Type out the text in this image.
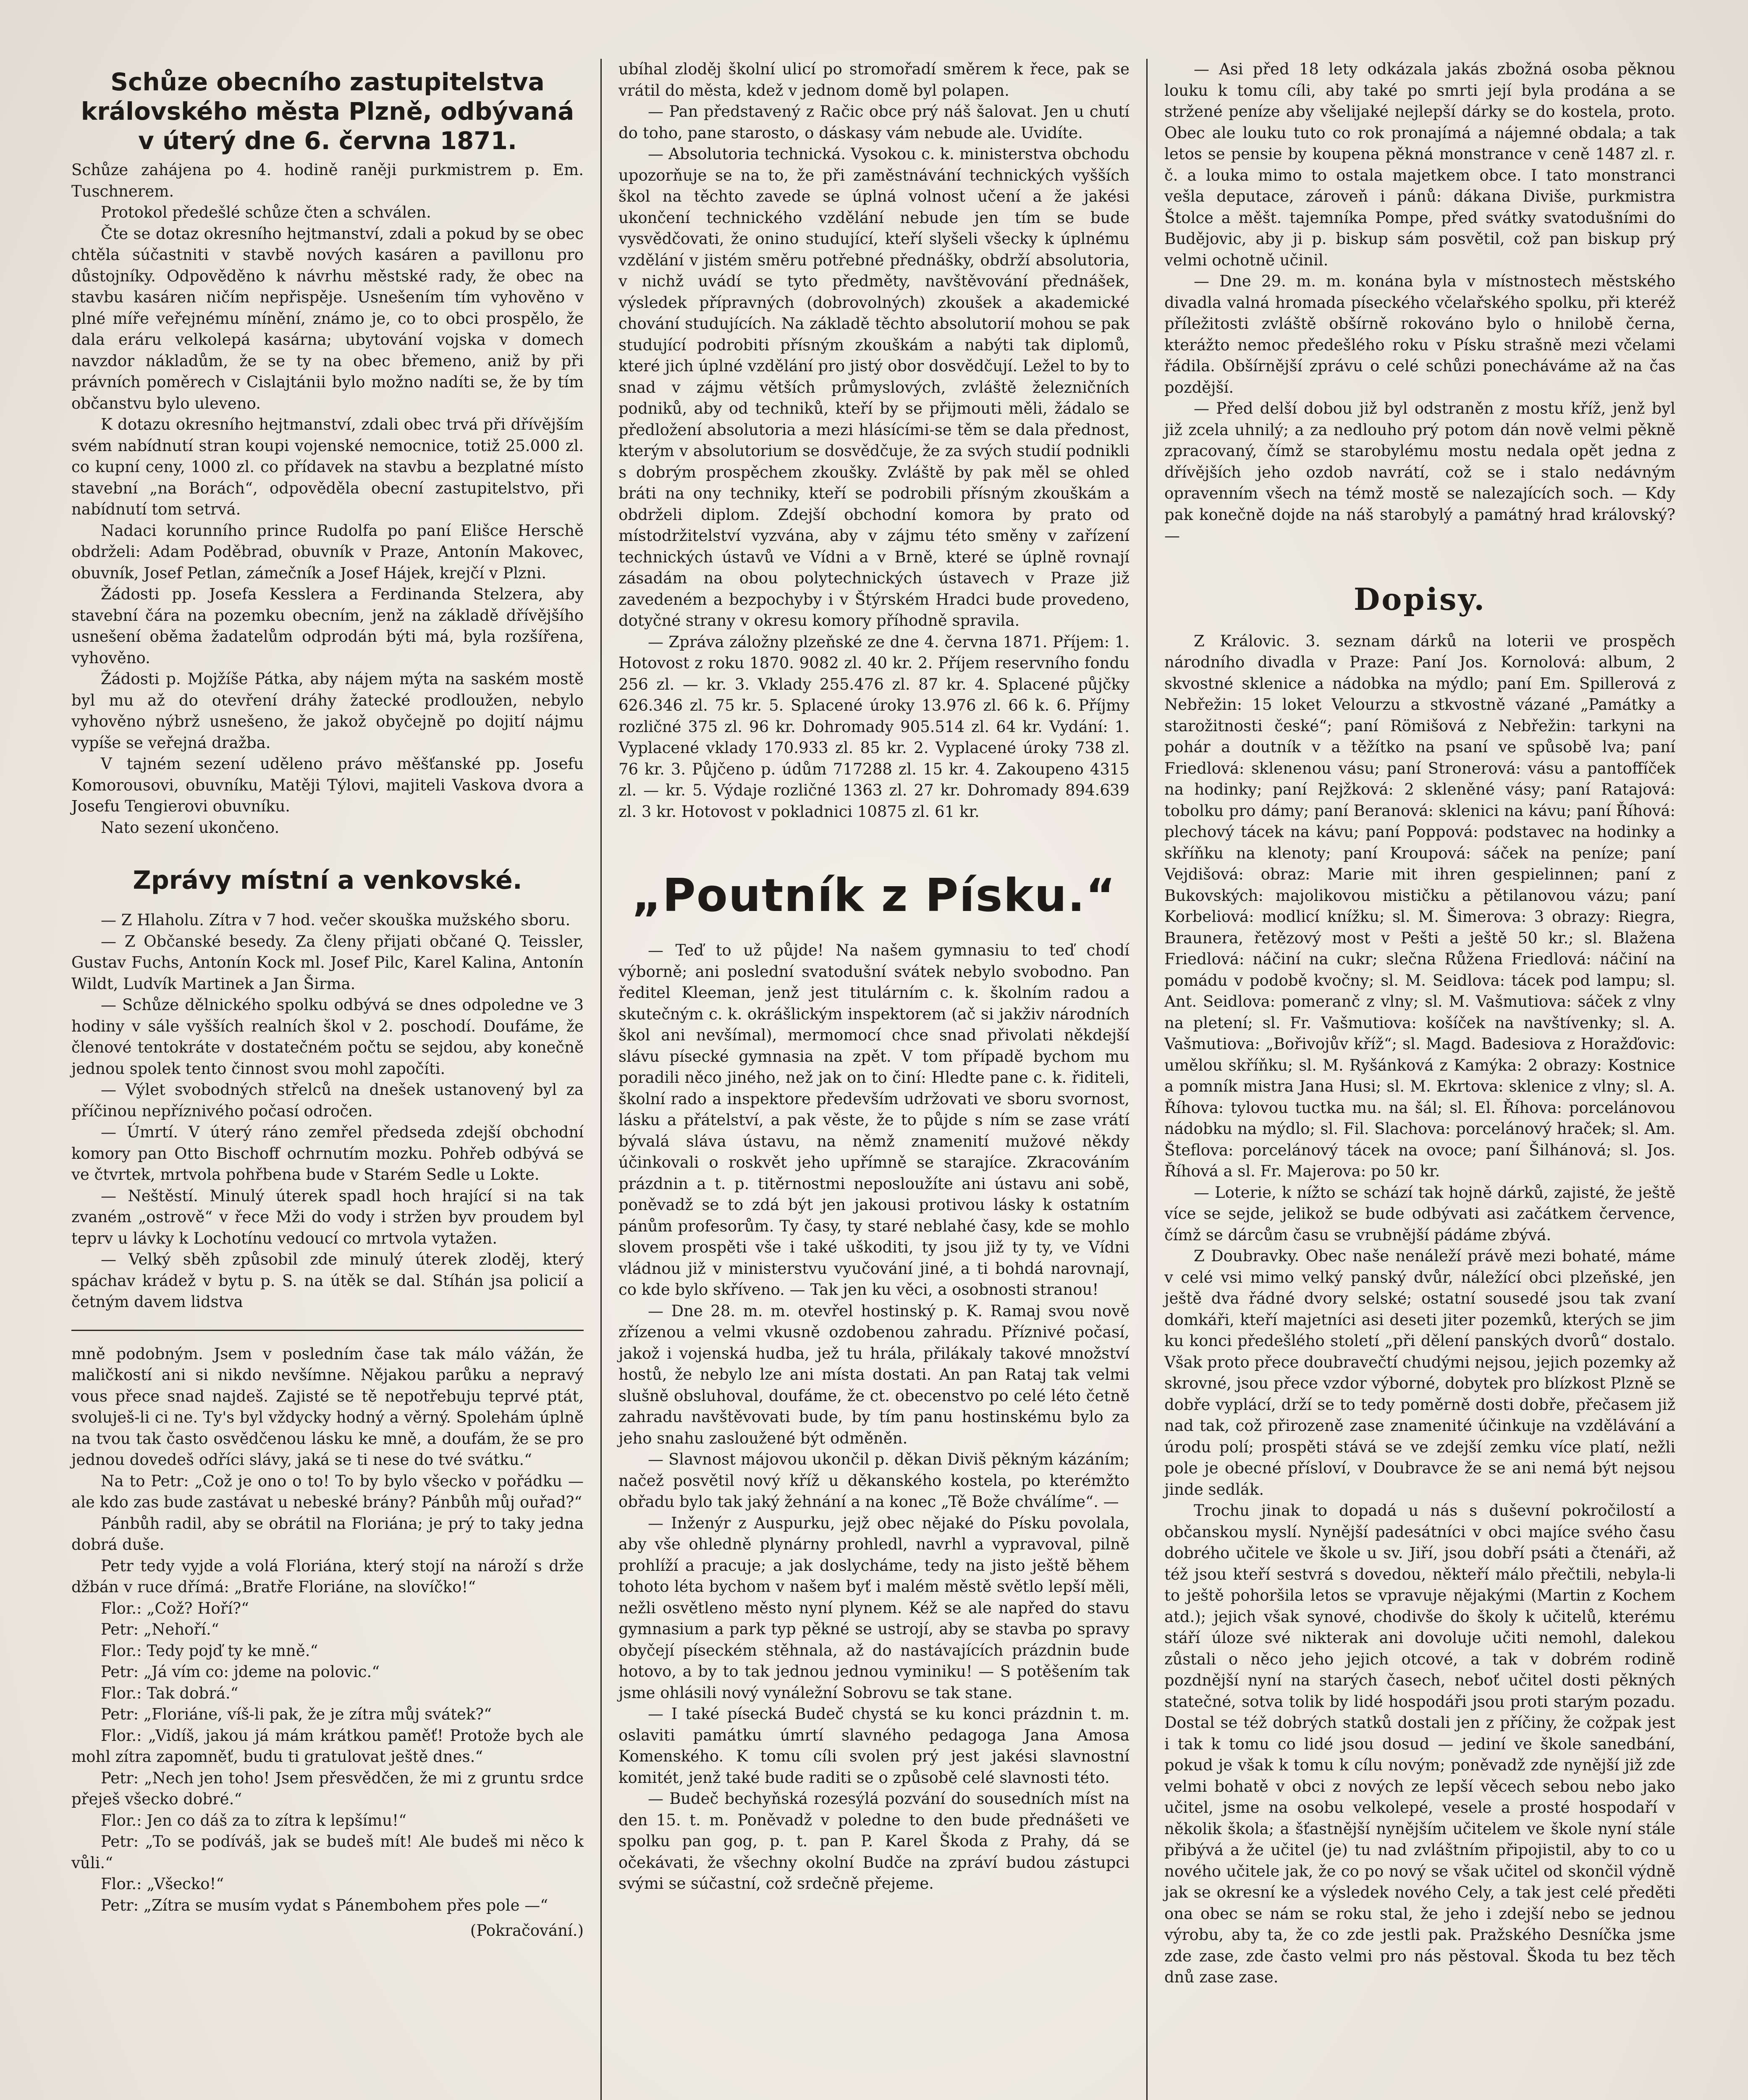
Schůze obecního zastupitelstva královského města Plzně, odbývaná v úterý dne 6. června 1871.

Schůze zahájena po 4. hodině raněji purkmistrem p. Em. Tuschnerem.

Protokol předešlé schůze čten a schválen.

Čte se dotaz okresního hejtmanství, zdali a pokud by se obec chtěla súčastniti v stavbě nových kasáren a pavillonu pro důstojníky. Odpověděno k návrhu městské rady, že obec na stavbu kasáren ničím nepřispěje. Usnešením tím vyhověno v plné míře veřejnému mínění, známo je, co to obci prospělo, že dala eráru velkolepá kasárna; ubytování vojska v domech navzdor nákladům, že se ty na obec břemeno, aniž by při právních poměrech v Cislajtánii bylo možno nadíti se, že by tím občanstvu bylo uleveno.

K dotazu okresního hejtmanství, zdali obec trvá při dřívějším svém nabídnutí stran koupi vojenské nemocnice, totiž 25.000 zl. co kupní ceny, 1000 zl. co přídavek na stavbu a bezplatné místo stavební „na Borách“, odpověděla obecní zastupitelstvo, při nabídnutí tom setrvá.

Nadaci korunního prince Rudolfa po paní Elišce Herschě obdrželi: Adam Poděbrad, obuvník v Praze, Antonín Makovec, obuvník, Josef Petlan, zámečník a Josef Hájek, krejčí v Plzni.

Žádosti pp. Josefa Kesslera a Ferdinanda Stelzera, aby stavební čára na pozemku obecním, jenž na základě dřívějšího usnešení oběma žadatelům odprodán býti má, byla rozšířena, vyhověno.

Žádosti p. Mojžíše Pátka, aby nájem mýta na saském mostě byl mu až do otevření dráhy žatecké prodloužen, nebylo vyhověno nýbrž usnešeno, že jakož obyčejně po dojití nájmu vypíše se veřejná dražba.

V tajném sezení uděleno právo měšťanské pp. Josefu Komorousovi, obuvníku, Matěji Týlovi, majiteli Vaskova dvora a Josefu Tengierovi obuvníku.

Nato sezení ukončeno.

Zprávy místní a venkovské.

— Z Hlaholu. Zítra v 7 hod. večer skouška mužského sboru.

— Z Občanské besedy. Za členy přijati občané Q. Teissler, Gustav Fuchs, Antonín Kock ml. Josef Pilc, Karel Kalina, Antonín Wildt, Ludvík Martinek a Jan Širma.

— Schůze dělnického spolku odbývá se dnes odpoledne ve 3 hodiny v sále vyšších realních škol v 2. poschodí. Doufáme, že členové tentokráte v dostatečném počtu se sejdou, aby konečně jednou spolek tento činnost svou mohl započíti.

— Výlet svobodných střelců na dnešek ustanovený byl za příčinou nepříznivého počasí odročen.

— Úmrtí. V úterý ráno zemřel předseda zdejší obchodní komory pan Otto Bischoff ochrnutím mozku. Pohřeb odbývá se ve čtvrtek, mrtvola pohřbena bude v Starém Sedle u Lokte.

— Neštěstí. Minulý úterek spadl hoch hrající si na tak zvaném „ostrově“ v řece Mži do vody i stržen byv proudem byl teprv u lávky k Lochotínu vedoucí co mrtvola vytažen.

— Velký sběh způsobil zde minulý úterek zloděj, který spáchav krádež v bytu p. S. na útěk se dal. Stíhán jsa policií a četným davem lidstva

mně podobným. Jsem v posledním čase tak málo vážán, že maličkostí ani si nikdo nevšímne. Nějakou parůku a nepravý vous přece snad najdeš. Zajisté se tě nepotřebuju teprvé ptát, svoluješ-li ci ne. Ty's byl vždycky hodný a věrný. Spolehám úplně na tvou tak často osvědčenou lásku ke mně, a doufám, že se pro jednou dovedeš odříci slávy, jaká se ti nese do tvé svátku.“

Na to Petr: „Což je ono o to! To by bylo všecko v pořádku — ale kdo zas bude zastávat u nebeské brány? Pánbůh můj ouřad?“

Pánbůh radil, aby se obrátil na Floriána; je prý to taky jedna dobrá duše.

Petr tedy vyjde a volá Floriána, který stojí na nároží s drže džbán v ruce dřímá: „Bratře Floriáne, na slovíčko!“

Flor.: „Což? Hoří?“

Petr: „Nehoří.“

Flor.: Tedy pojď ty ke mně.“

Petr: „Já vím co: jdeme na polovic.“

Flor.: Tak dobrá.“

Petr: „Floriáne, víš-li pak, že je zítra můj svátek?“

Flor.: „Vidíš, jakou já mám krátkou paměť! Protože bych ale mohl zítra zapomněť, budu ti gratulovat ještě dnes.“

Petr: „Nech jen toho! Jsem přesvědčen, že mi z gruntu srdce přeješ všecko dobré.“

Flor.: Jen co dáš za to zítra k lepšímu!“

Petr: „To se podíváš, jak se budeš mít! Ale budeš mi něco k vůli.“

Flor.: „Všecko!“

Petr: „Zítra se musím vydat s Pánembohem přes pole —“

(Pokračování.)

ubíhal zloděj školní ulicí po stromořadí směrem k řece, pak se vrátil do města, kdež v jednom domě byl polapen.

— Pan představený z Račic obce prý náš šalovat. Jen u chutí do toho, pane starosto, o dáskasy vám nebude ale. Uvidíte.

— Absolutoria technická. Vysokou c. k. ministerstva obchodu upozorňuje se na to, že při zaměstnávání technických vyšších škol na těchto zavede se úplná volnost učení a že jakési ukončení technického vzdělání nebude jen tím se bude vysvědčovati, že onino studující, kteří slyšeli všecky k úplnému vzdělání v jistém směru potřebné přednášky, obdrží absolutoria, v nichž uvádí se tyto předměty, navštěvování přednášek, výsledek přípravných (dobrovolných) zkoušek a akademické chování studujících. Na základě těchto absolutorií mohou se pak studující podrobiti přísným zkouškám a nabýti tak diplomů, které jich úplné vzdělání pro jistý obor dosvědčují. Ležel to by to snad v zájmu větších průmyslových, zvláště železničních podniků, aby od techniků, kteří by se přijmouti měli, žádalo se předložení absolutoria a mezi hlásícími-se těm se dala přednost, kterým v absolutorium se dosvědčuje, že za svých studií podnikli s dobrým prospěchem zkoušky. Zvláště by pak měl se ohled bráti na ony techniky, kteří se podrobili přísným zkouškám a obdrželi diplom. Zdejší obchodní komora by prato od místodržitelství vyzvána, aby v zájmu této směny v zařízení technických ústavů ve Vídni a v Brně, které se úplně rovnají zásadám na obou polytechnických ústavech v Praze již zavedeném a bezpochyby i v Štýrském Hradci bude provedeno, dotyčné strany v okresu komory příhodně spravila.

— Zpráva záložny plzeňské ze dne 4. června 1871. Příjem: 1. Hotovost z roku 1870. 9082 zl. 40 kr. 2. Příjem reservního fondu 256 zl. — kr. 3. Vklady 255.476 zl. 87 kr. 4. Splacené půjčky 626.346 zl. 75 kr. 5. Splacené úroky 13.976 zl. 66 k. 6. Příjmy rozličné 375 zl. 96 kr. Dohromady 905.514 zl. 64 kr. Vydání: 1. Vyplacené vklady 170.933 zl. 85 kr. 2. Vyplacené úroky 738 zl. 76 kr. 3. Půjčeno p. údům 717288 zl. 15 kr. 4. Zakoupeno 4315 zl. — kr. 5. Výdaje rozličné 1363 zl. 27 kr. Dohromady 894.639 zl. 3 kr. Hotovost v pokladnici 10875 zl. 61 kr.

„Poutník z Písku.“

— Teď to už půjde! Na našem gymnasiu to teď chodí výborně; ani poslední svatodušní svátek nebylo svobodno. Pan ředitel Kleeman, jenž jest titulárním c. k. školním radou a skutečným c. k. okrášlickým inspektorem (ač si jakživ národních škol ani nevšímal), mermomocí chce snad přivolati někdejší slávu písecké gymnasia na zpět. V tom případě bychom mu poradili něco jiného, než jak on to činí: Hledte pane c. k. řiditeli, školní rado a inspektore především udržovati ve sboru svornost, lásku a přátelství, a pak věste, že to půjde s ním se zase vrátí bývalá sláva ústavu, na němž znamenití mužové někdy účinkovali o roskvět jeho upřímně se starajíce. Zkracováním prázdnin a t. p. titěrnostmi neposloužíte ani ústavu ani sobě, poněvadž se to zdá být jen jakousi protivou lásky k ostatním pánům profesorům. Ty časy, ty staré neblahé časy, kde se mohlo slovem prospěti vše i také uškoditi, ty jsou již ty ty, ve Vídni vládnou již v ministerstvu vyučování jiné, a ti bohdá narovnají, co kde bylo skříveno. — Tak jen ku věci, a osobnosti stranou!

— Dne 28. m. m. otevřel hostinský p. K. Ramaj svou nově zřízenou a velmi vkusně ozdobenou zahradu. Příznivé počasí, jakož i vojenská hudba, jež tu hrála, přilákaly takové množství hostů, že nebylo lze ani místa dostati. An pan Rataj tak velmi slušně obsluhoval, doufáme, že ct. obecenstvo po celé léto četně zahradu navštěvovati bude, by tím panu hostinskému bylo za jeho snahu zasloužené být odměněn.

— Slavnost májovou ukončil p. děkan Diviš pěkným kázáním; načež posvětil nový kříž u děkanského kostela, po kterémžto obřadu bylo tak jaký žehnání a na konec „Tě Bože chválíme“. —

— Inženýr z Auspurku, jejž obec nějaké do Písku povolala, aby vše ohledně plynárny prohledl, navrhl a vypravoval, pilně prohlíží a pracuje; a jak doslycháme, tedy na jisto ještě během tohoto léta bychom v našem byť i malém městě světlo lepší měli, nežli osvětleno město nyní plynem. Kéž se ale napřed do stavu gymnasium a park typ pěkné se ustrojí, aby se stavba po spravy obyčejí píseckém stěhnala, až do nastávajících prázdnin bude hotovo, a by to tak jednou jednou vyminiku! — S potěšením tak jsme ohlásili nový vynáležní Sobrovu se tak stane.

— I také písecká Budeč chystá se ku konci prázdnin t. m. oslaviti památku úmrtí slavného pedagoga Jana Amosa Komenského. K tomu cíli svolen prý jest jakési slavnostní komitét, jenž také bude raditi se o způsobě celé slavnosti této.

— Budeč bechyňská rozesýlá pozvání do sousedních míst na den 15. t. m. Poněvadž v poledne to den bude přednášeti ve spolku pan gog, p. t. pan P. Karel Škoda z Prahy, dá se očekávati, že všechny okolní Budče na zpráví budou zástupci svými se súčastní, což srdečně přejeme.

— Asi před 18 lety odkázala jakás zbožná osoba pěknou louku k tomu cíli, aby také po smrti její byla prodána a se stržené peníze aby všelijaké nejlepší dárky se do kostela, proto. Obec ale louku tuto co rok pronajímá a nájemné obdala; a tak letos se pensie by koupena pěkná monstrance v ceně 1487 zl. r. č. a louka mimo to ostala majetkem obce. I tato monstranci vešla deputace, zároveň i pánů: dákana Diviše, purkmistra Štolce a měšt. tajemníka Pompe, před svátky svatodušními do Budějovic, aby ji p. biskup sám posvětil, což pan biskup prý velmi ochotně učinil.

— Dne 29. m. m. konána byla v místnostech městského divadla valná hromada píseckého včelařského spolku, při kteréž příležitosti zvláště obšírně rokováno bylo o hnilobě černa, kterážto nemoc předešlého roku v Písku strašně mezi včelami řádila. Obšírnější zprávu o celé schůzi ponecháváme až na čas pozdější.

— Před delší dobou již byl odstraněn z mostu kříž, jenž byl již zcela uhnilý; a za nedlouho prý potom dán nově velmi pěkně zpracovaný, čímž se starobylému mostu nedala opět jedna z dřívějších jeho ozdob navrátí, což se i stalo nedávným opravenním všech na témž mostě se nalezajících soch. — Kdy pak konečně dojde na náš starobylý a památný hrad královský? —

Dopisy.

Z Královic. 3. seznam dárků na loterii ve prospěch národního divadla v Praze: Paní Jos. Kornolová: album, 2 skvostné sklenice a nádobka na mýdlo; paní Em. Spillerová z Nebřežin: 15 loket Velourzu a stkvostně vázané „Památky a starožitnosti české“; paní Römišová z Nebřežin: tarkyni na pohár a doutník v a těžítko na psaní ve spůsobě lva; paní Friedlová: sklenenou vásu; paní Stronerová: vásu a pantoffíček na hodinky; paní Rejžková: 2 skleněné vásy; paní Ratajová: tobolku pro dámy; paní Beranová: sklenici na kávu; paní Říhová: plechový tácek na kávu; paní Poppová: podstavec na hodinky a skříňku na klenoty; paní Kroupová: sáček na peníze; paní Vejdišová: obraz: Marie mit ihren gespielinnen; paní z Bukovských: majolikovou mističku a pětilanovou vázu; paní Korbeliová: modlicí knížku; sl. M. Šimerova: 3 obrazy: Riegra, Braunera, řetězový most v Pešti a ještě 50 kr.; sl. Blažena Friedlová: náčiní na cukr; slečna Růžena Friedlová: náčiní na pomádu v podobě kvočny; sl. M. Seidlova: tácek pod lampu; sl. Ant. Seidlova: pomeranč z vlny; sl. M. Vašmutiova: sáček z vlny na pletení; sl. Fr. Vašmutiova: košíček na navštívenky; sl. A. Vašmutiova: „Bořivojův kříž“; sl. Magd. Badesiova z Horažďovic: umělou skříňku; sl. M. Ryšánková z Kamýka: 2 obrazy: Kostnice a pomník mistra Jana Husi; sl. M. Ekrtova: sklenice z vlny; sl. A. Říhova: tylovou tuctka mu. na šál; sl. El. Říhova: porcelánovou nádobku na mýdlo; sl. Fil. Slachova: porcelánový hraček; sl. Am. Šteflova: porcelánový tácek na ovoce; paní Šilhánová; sl. Jos. Říhová a sl. Fr. Majerova: po 50 kr.

— Loterie, k nížto se schází tak hojně dárků, zajisté, že ještě více se sejde, jelikož se bude odbývati asi začátkem července, čímž se dárcům času se vrubnější pádáme zbývá.

Z Doubravky. Obec naše nenáleží právě mezi bohaté, máme v celé vsi mimo velký panský dvůr, náležící obci plzeňské, jen ještě dva řádné dvory selské; ostatní sousedé jsou tak zvaní domkáři, kteří majetníci asi deseti jiter pozemků, kterých se jim ku konci předešlého století „při dělení panských dvorů“ dostalo. Však proto přece doubravečtí chudými nejsou, jejich pozemky až skrovné, jsou přece vzdor výborné, dobytek pro blízkost Plzně se dobře vyplácí, drží se to tedy poměrně dosti dobře, přečasem již nad tak, což přirozeně zase znamenité účinkuje na vzdělávání a úrodu polí; prospěti stává se ve zdejší zemku více platí, nežli pole je obecné přísloví, v Doubravce že se ani nemá být nejsou jinde sedlák.

Trochu jinak to dopadá u nás s duševní pokročilostí a občanskou myslí. Nynější padesátníci v obci majíce svého času dobrého učitele ve škole u sv. Jiří, jsou dobří psáti a čtenáři, až též jsou kteří sestvrá s dovedou, někteří málo přečtili, nebyla-li to ještě pohoršila letos se vpravuje nějakými (Martin z Kochem atd.); jejich však synové, chodivše do školy k učitelů, kterému stáří úloze své nikterak ani dovoluje učiti nemohl, dalekou zůstali o něco jeho jejich otcové, a tak v dobrém rodině pozdnější nyní na starých časech, neboť učitel dosti pěkných statečné, sotva tolik by lidé hospodáři jsou proti starým pozadu. Dostal se též dobrých statků dostali jen z příčiny, že cožpak jest i tak k tomu co lidé jsou dosud — jediní ve škole sanedbání, pokud je však k tomu k cílu novým; poněvadž zde nynější již zde velmi bohatě v obci z nových ze lepší věcech sebou nebo jako učitel, jsme na osobu velkolepé, vesele a prosté hospodaří v několik škola; a šťastnější nynějším učitelem ve škole nyní stále přibývá a že učitel (je) tu nad zvláštním připojistil, aby to co u nového učitele jak, že co po nový se však učitel od skončil výdně jak se okresní ke a výsledek nového Cely, a tak jest celé předěti ona obec se nám se roku stal, že jeho i zdejší nebo se jednou výrobu, aby ta, že co zde jestli pak. Pražského Desníčka jsme zde zase, zde často velmi pro nás pěstoval. Škoda tu bez těch dnů zase zase.
